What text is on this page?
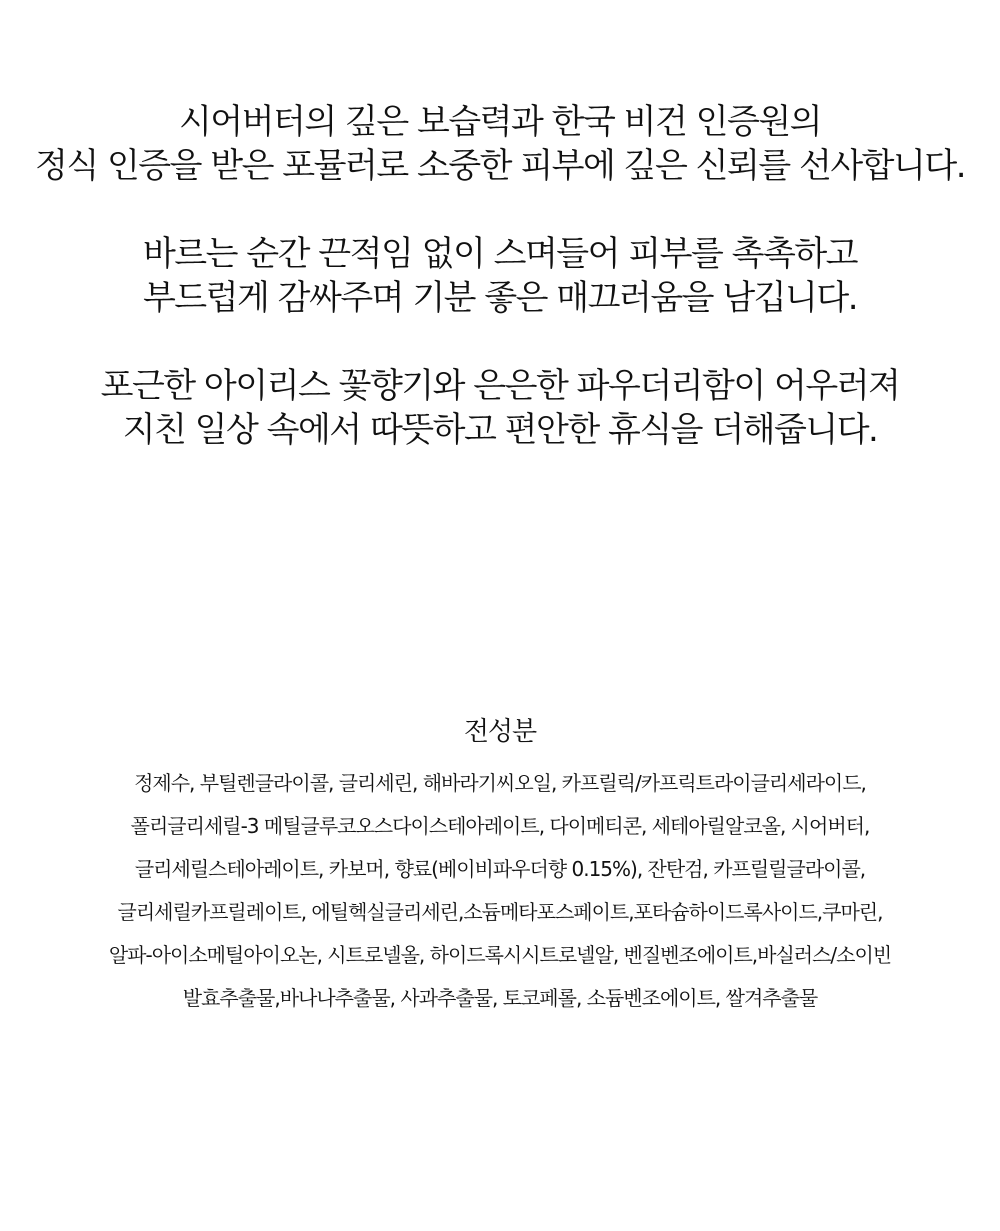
시어버터의 깊은 보습력과 한국 비건 인증원의
정식 인증을 받은 포뮬러로 소중한 피부에 깊은 신뢰를 선사합니다.

바르는 순간 끈적임 없이 스며들어 피부를 촉촉하고
부드럽게 감싸주며 기분 좋은 매끄러움을 남깁니다.

포근한 아이리스 꽃향기와 은은한 파우더리함이 어우러져
지친 일상 속에서 따뜻하고 편안한 휴식을 더해줍니다.

전성분
정제수, 부틸렌글라이콜, 글리세린, 해바라기씨오일, 카프릴릭/카프릭트라이글리세라이드,
폴리글리세릴-3 메틸글루코오스다이스테아레이트, 다이메티콘, 세테아릴알코올, 시어버터,
글리세릴스테아레이트, 카보머, 향료(베이비파우더향 0.15%), 잔탄검, 카프릴릴글라이콜,
글리세릴카프릴레이트, 에틸헥실글리세린,소듐메타포스페이트,포타슘하이드록사이드,쿠마린,
알파-아이소메틸아이오논, 시트로넬올, 하이드록시시트로넬알, 벤질벤조에이트,바실러스/소이빈
발효추출물,바나나추출물, 사과추출물, 토코페롤, 소듐벤조에이트, 쌀겨추출물
